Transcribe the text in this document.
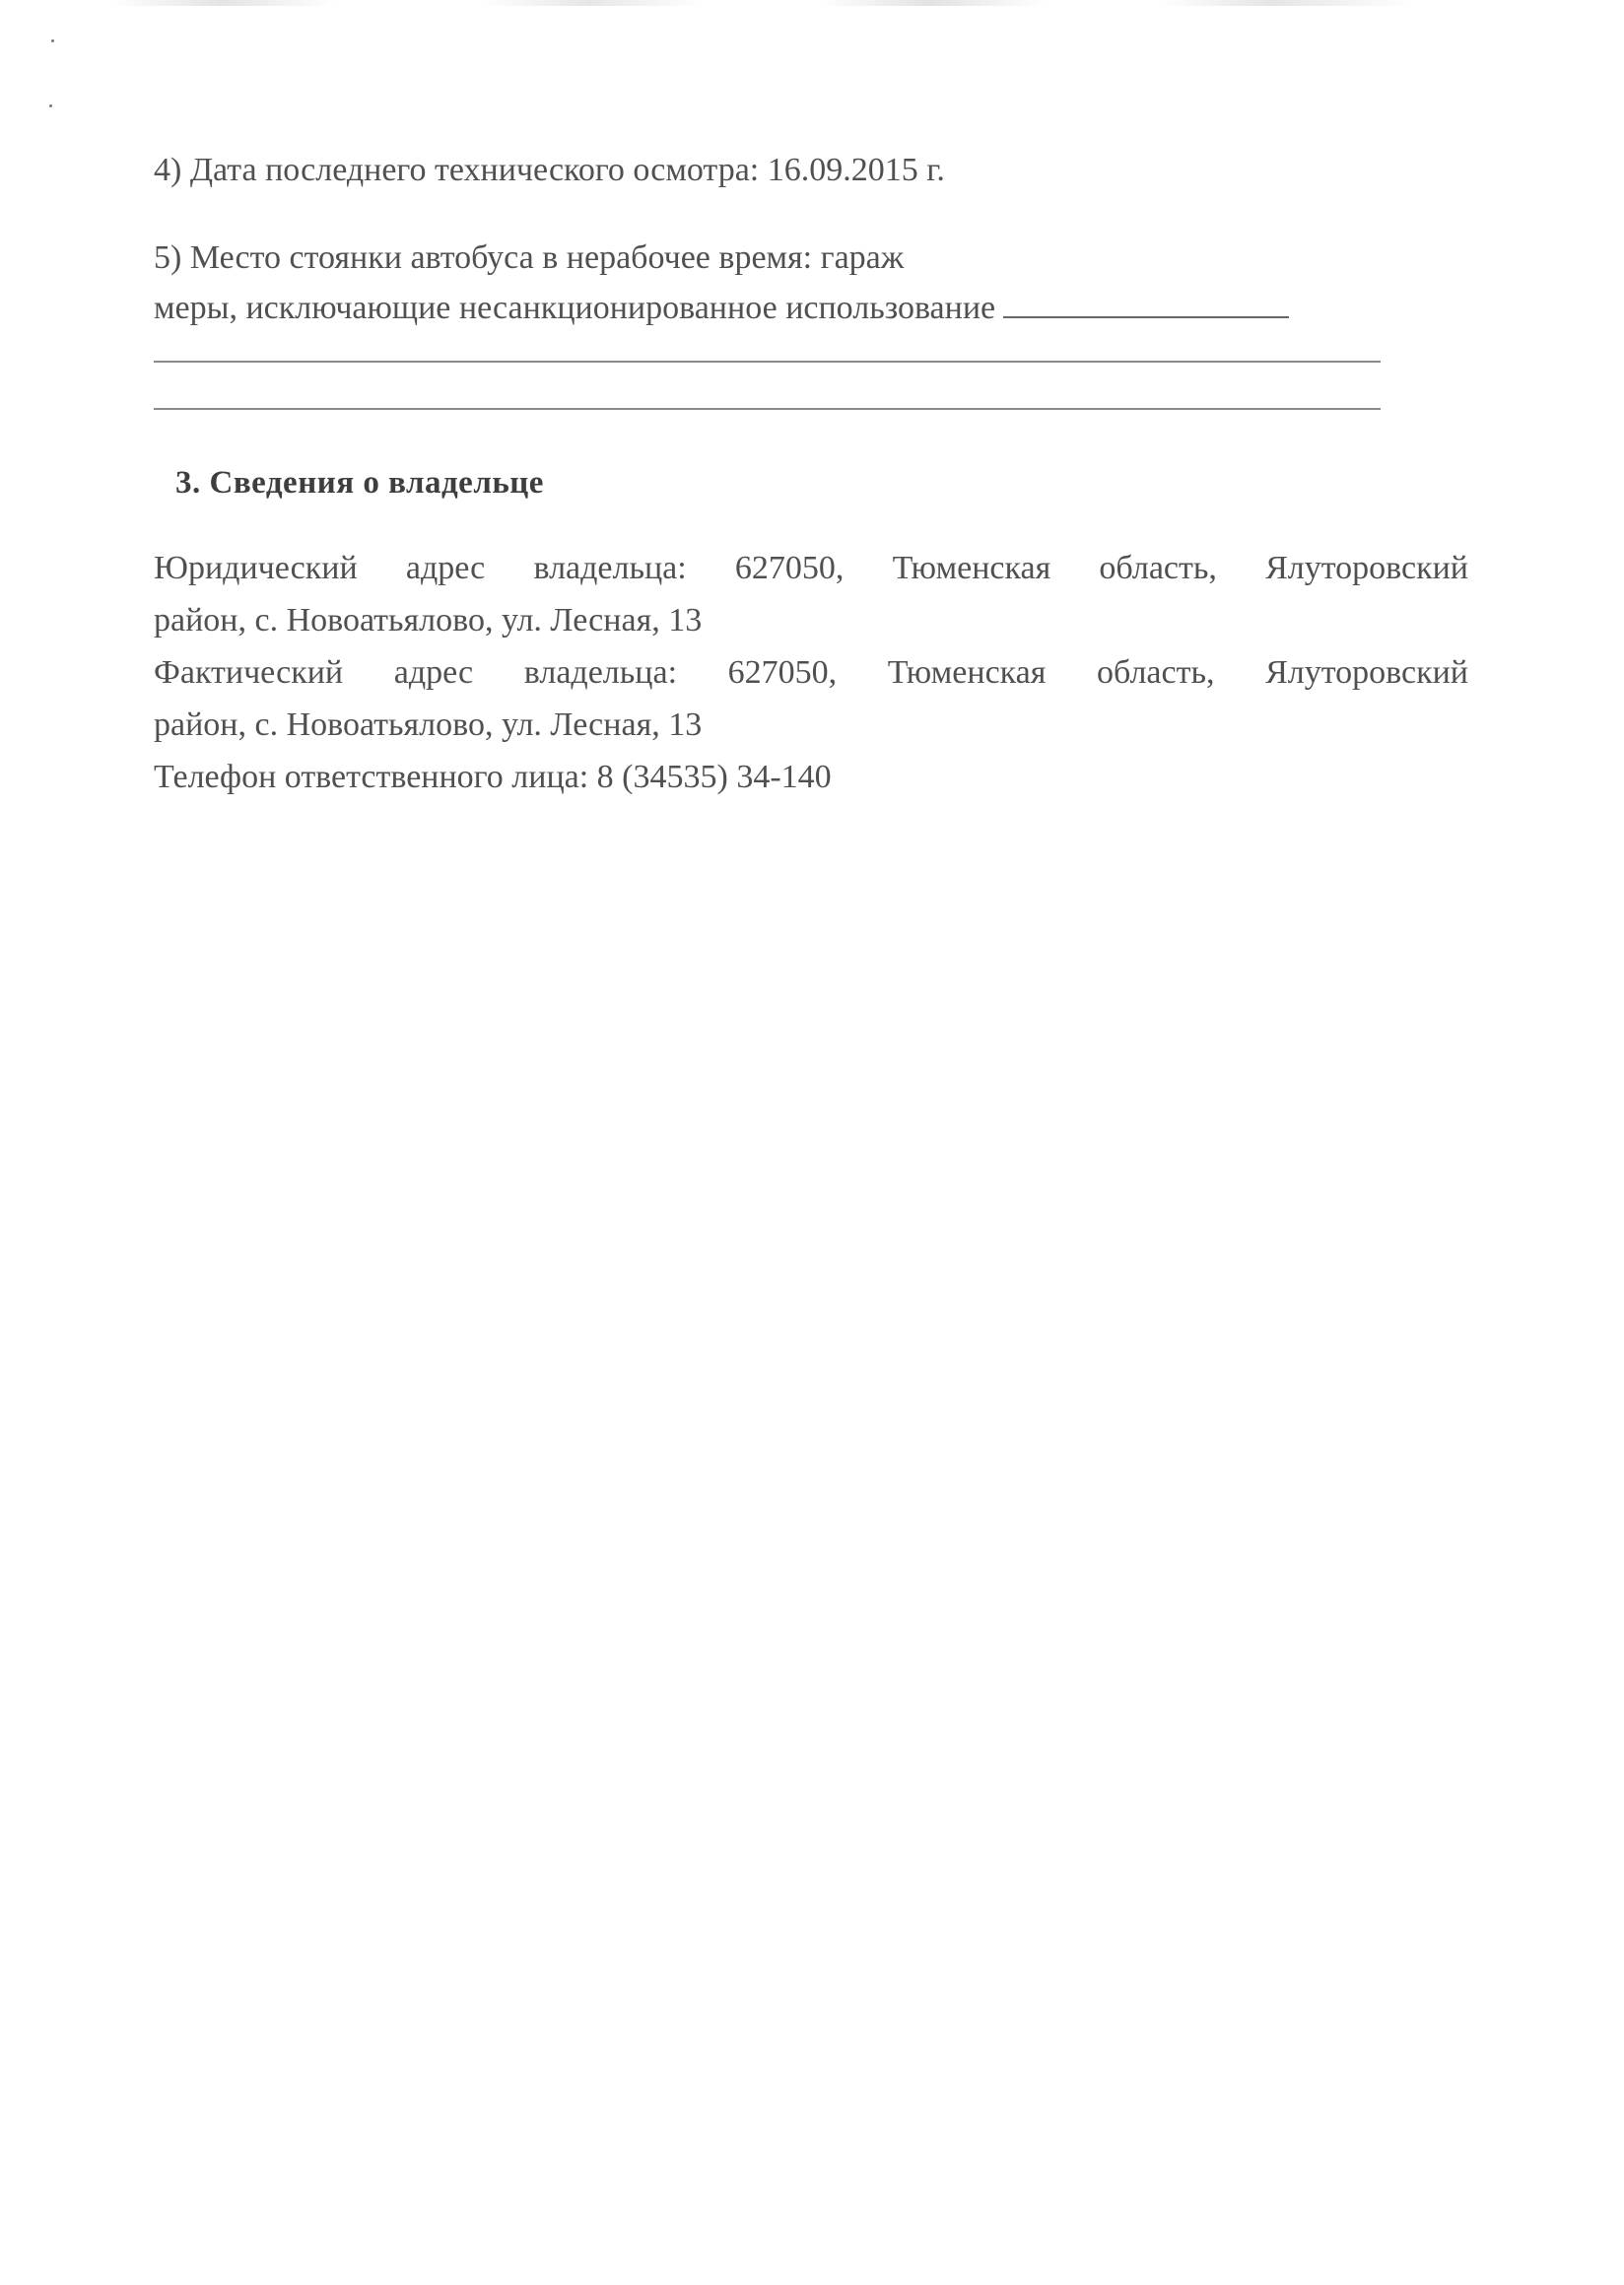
4) Дата последнего технического осмотра: 16.09.2015 г.
5) Место стоянки автобуса в нерабочее время: гараж
меры, исключающие несанкционированное использование
3. Сведения о владельце
Юридический адрес владельца: 627050, Тюменская область, Ялуторовский
район, с. Новоатьялово, ул. Лесная, 13
Фактический адрес владельца: 627050, Тюменская область, Ялуторовский
район, с. Новоатьялово, ул. Лесная, 13
Телефон ответственного лица: 8 (34535) 34-140
